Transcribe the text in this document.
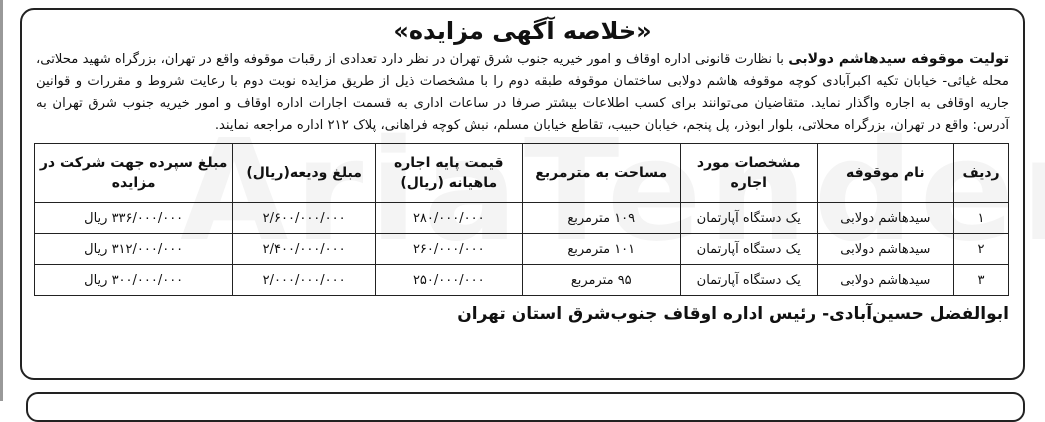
«خلاصه آگهی مزایده»

تولیت موقوفه سیدهاشم دولابی با نظارت قانونی اداره اوقاف و امور خیریه جنوب شرق تهران در نظر دارد تعدادی از رقبات موقوفه واقع در تهران، بزرگراه شهید محلاتی، محله غیاثی- خیابان تکیه اکبرآبادی کوچه موقوفه هاشم دولابی ساختمان موقوفه طبقه دوم را با مشخصات ذیل از طریق مزایده نوبت دوم با رعایت شروط و مقررات و قوانین جاریه اوقافی به اجاره واگذار نماید. متقاضیان می‌توانند برای کسب اطلاعات بیشتر صرفا در ساعات اداری به قسمت اجارات اداره اوقاف و امور خیریه جنوب شرق تهران به آدرس: واقع در تهران، بزرگراه محلاتی، بلوار ابوذر، پل پنجم، خیابان حبیب، تقاطع خیابان مسلم، نبش کوچه فراهانی، پلاک ۲۱۲ اداره مراجعه نمایند.

ردیف	نام موقوفه	مشخصات مورد اجاره	مساحت به مترمربع	قیمت پایه اجاره ماهیانه (ریال)	مبلغ ودیعه(ریال)	مبلغ سپرده جهت شرکت در مزایده
۱	سیدهاشم دولابی	یک دستگاه آپارتمان	۱۰۹ مترمربع	۲۸۰/۰۰۰/۰۰۰	۲/۶۰۰/۰۰۰/۰۰۰	۳۳۶/۰۰۰/۰۰۰ ریال
۲	سیدهاشم دولابی	یک دستگاه آپارتمان	۱۰۱ مترمربع	۲۶۰/۰۰۰/۰۰۰	۲/۴۰۰/۰۰۰/۰۰۰	۳۱۲/۰۰۰/۰۰۰ ریال
۳	سیدهاشم دولابی	یک دستگاه آپارتمان	۹۵ مترمربع	۲۵۰/۰۰۰/۰۰۰	۲/۰۰۰/۰۰۰/۰۰۰	۳۰۰/۰۰۰/۰۰۰ ریال
ابوالفضل حسین‌آبادی- رئیس اداره اوقاف جنوب‌شرق استان تهران
